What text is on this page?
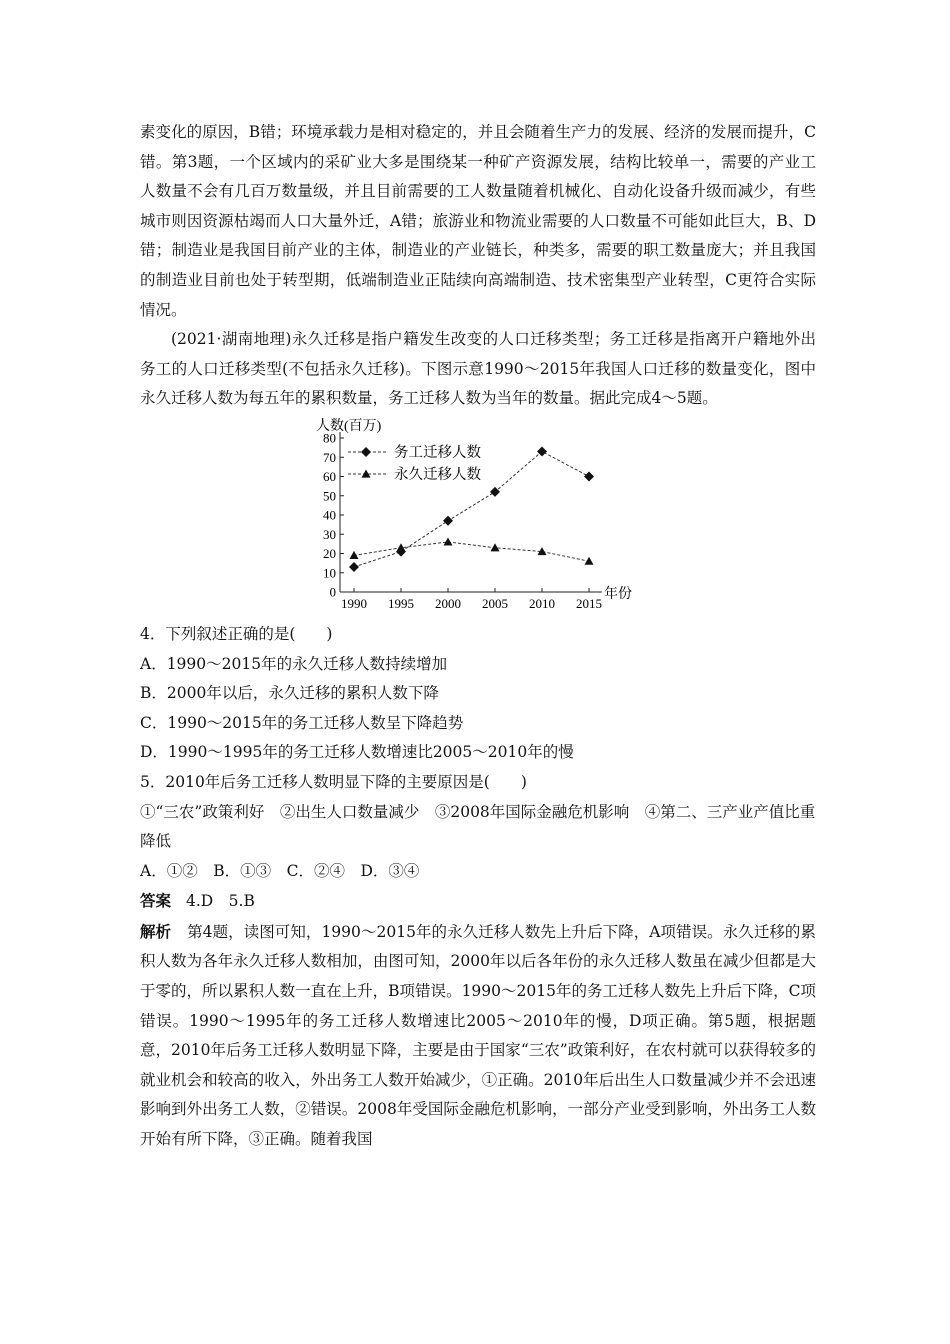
素变化的原因，B错；环境承载力是相对稳定的，并且会随着生产力的发展、经济的发展而提升，C错。第3题，一个区域内的采矿业大多是围绕某一种矿产资源发展，结构比较单一，需要的产业工人数量不会有几百万数量级，并且目前需要的工人数量随着机械化、自动化设备升级而减少，有些城市则因资源枯竭而人口大量外迁，A错；旅游业和物流业需要的人口数量不可能如此巨大，B、D错；制造业是我国目前产业的主体，制造业的产业链长，种类多，需要的职工数量庞大；并且我国的制造业目前也处于转型期，低端制造业正陆续向高端制造、技术密集型产业转型，C更符合实际情况。

(2021·湖南地理)永久迁移是指户籍发生改变的人口迁移类型；务工迁移是指离开户籍地外出务工的人口迁移类型(不包括永久迁移)。下图示意1990～2015年我国人口迁移的数量变化，图中永久迁移人数为每五年的累积数量，务工迁移人数为当年的数量。据此完成4～5题。

人数(百万)
0
10
20
30
40
50
60
70
80
1990 1995 2000 2005 2010 2015
年份
务工迁移人数
永久迁移人数

4．下列叙述正确的是(　　)

A．1990～2015年的永久迁移人数持续增加

B．2000年以后，永久迁移的累积人数下降

C．1990～2015年的务工迁移人数呈下降趋势

D．1990～1995年的务工迁移人数增速比2005～2010年的慢

5．2010年后务工迁移人数明显下降的主要原因是(　　)

①“三农”政策利好　②出生人口数量减少　③2008年国际金融危机影响　④第二、三产业产值比重降低

A．①②　B．①③　C．②④　D．③④

答案 4.D　5.B

解析 第4题，读图可知，1990～2015年的永久迁移人数先上升后下降，A项错误。永久迁移的累积人数为各年永久迁移人数相加，由图可知，2000年以后各年份的永久迁移人数虽在减少但都是大于零的，所以累积人数一直在上升，B项错误。1990～2015年的务工迁移人数先上升后下降，C项错误。1990～1995年的务工迁移人数增速比2005～2010年的慢，D项正确。第5题，根据题意，2010年后务工迁移人数明显下降，主要是由于国家“三农”政策利好，在农村就可以获得较多的就业机会和较高的收入，外出务工人数开始减少，①正确。2010年后出生人口数量减少并不会迅速影响到外出务工人数，②错误。2008年受国际金融危机影响，一部分产业受到影响，外出务工人数开始有所下降，③正确。随着我国
